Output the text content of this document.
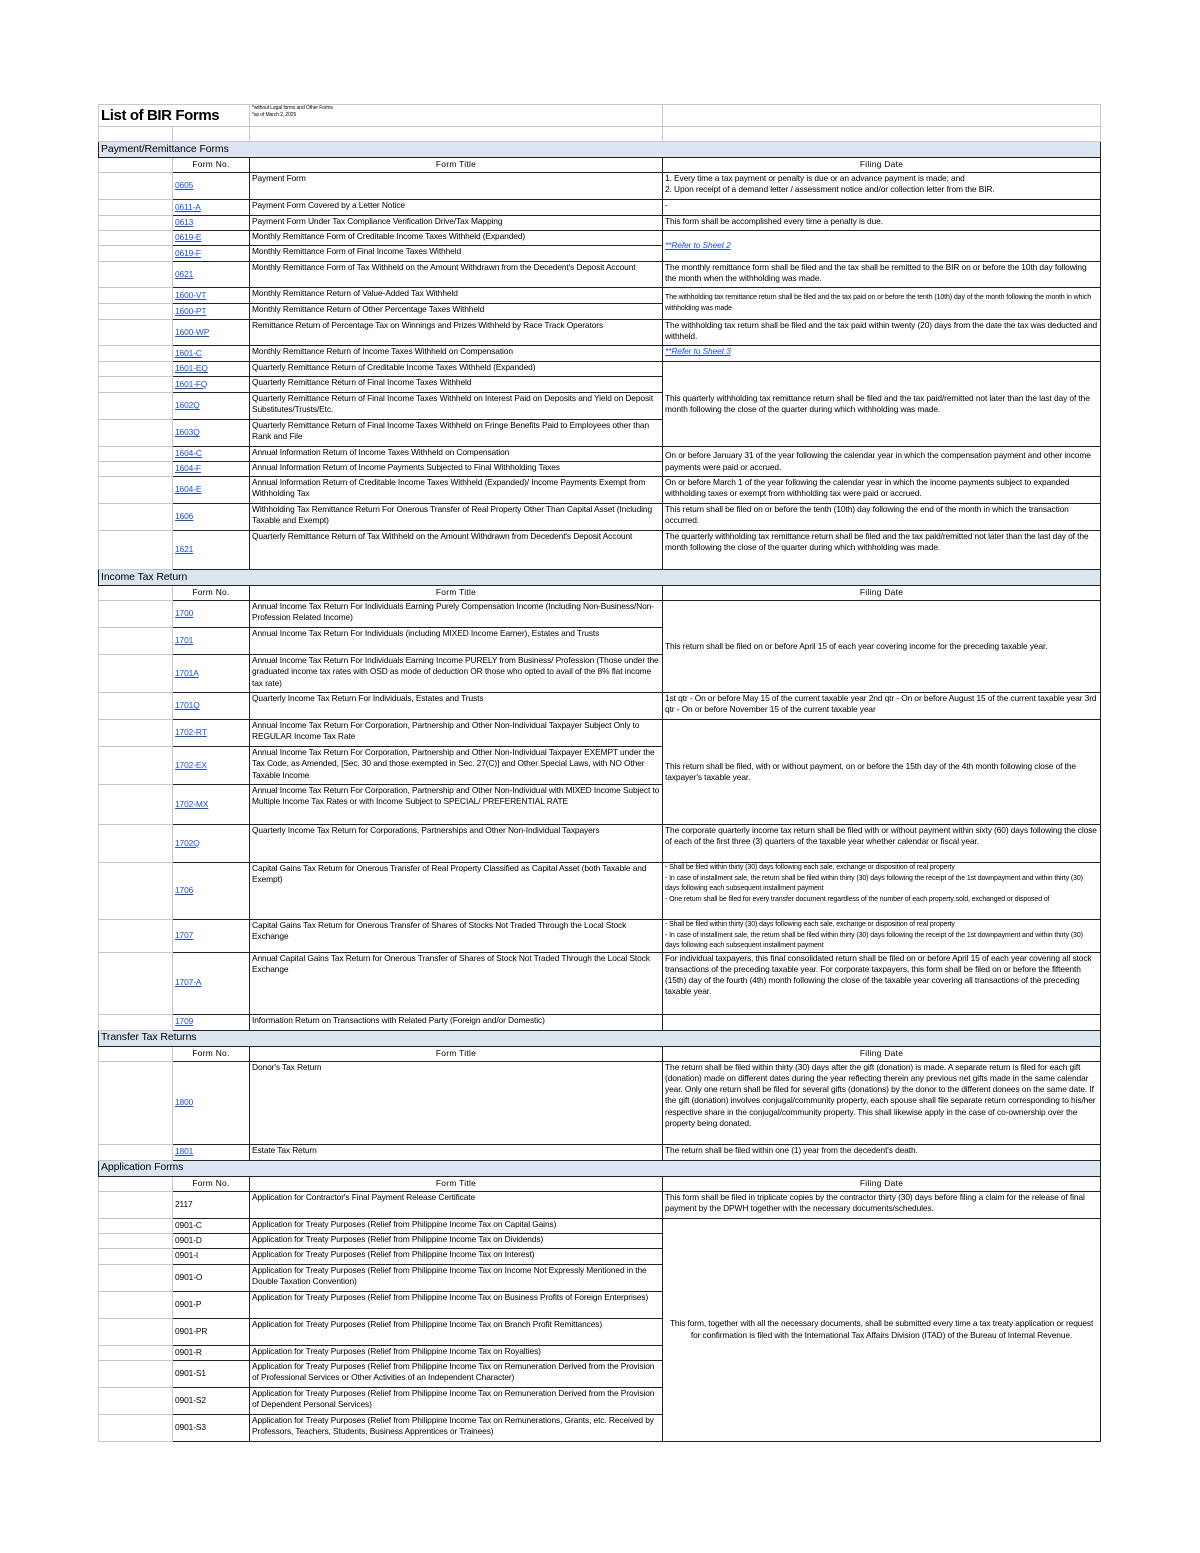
List of BIR Forms		*without Legal forms and Other Forms
*as of March 2, 2025	

Payment/Remittance Forms			
	Form No.	Form Title	Filing Date
	0605	Payment Form	1. Every time a tax payment or penalty is due or an advance payment is made; and
2. Upon receipt of a demand letter / assessment notice and/or collection letter from the BIR.
	0611-A	Payment Form Covered by a Letter Notice	-
	0613	Payment Form Under Tax Compliance Verification Drive/Tax Mapping	This form shall be accomplished every time a penalty is due.
	0619-E	Monthly Remittance Form of Creditable Income Taxes Withheld (Expanded)	**Refer to Sheet 2
	0619-F	Monthly Remittance Form of Final Income Taxes Withheld	
	0621	Monthly Remittance Form of Tax Withheld on the Amount Withdrawn from the Decedent's Deposit Account	The monthly remittance form shall be filed and the tax shall be remitted to the BIR on or before the 10th day following the month when the withholding was made.
	1600-VT	Monthly Remittance Return of Value-Added Tax Withheld	The withholding tax remittance return shall be filed and the tax paid on or before the tenth (10th) day of the month following the month in which withholding was made
	1600-PT	Monthly Remittance Return of Other Percentage Taxes Withheld	
	1600-WP	Remittance Return of Percentage Tax on Winnings and Prizes Withheld by Race Track Operators	The withholding tax return shall be filed and the tax paid within twenty (20) days from the date the tax was deducted and withheld.
	1601-C	Monthly Remittance Return of Income Taxes Withheld on Compensation	**Refer to Sheet 3
	1601-EQ	Quarterly Remittance Return of Creditable Income Taxes Withheld (Expanded)	This quarterly withholding tax remittance return shall be filed and the tax paid/remitted not later than the last day of the month following the close of the quarter during which withholding was made.
	1601-FQ	Quarterly Remittance Return of Final Income Taxes Withheld	
	1602Q	Quarterly Remittance Return of Final Income Taxes Withheld on Interest Paid on Deposits and Yield on Deposit Substitutes/Trusts/Etc.	
	1603Q	Quarterly Remittance Return of Final Income Taxes Withheld on Fringe Benefits Paid to Employees other than Rank and File	
	1604-C	Annual Information Return of Income Taxes Withheld on Compensation	On or before January 31 of the year following the calendar year in which the compensation payment and other income payments were paid or accrued.
	1604-F	Annual Information Return of Income Payments Subjected to Final Withholding Taxes	
	1604-E	Annual Information Return of Creditable Income Taxes Withheld (Expanded)/ Income Payments Exempt from Withholding Tax	On or before March 1 of the year following the calendar year in which the income payments subject to expanded withholding taxes or exempt from withholding tax were paid or accrued.
	1606	Withholding Tax Remittance Return For Onerous Transfer of Real Property Other Than Capital Asset (Including Taxable and Exempt)	This return shall be filed on or before the tenth (10th) day following the end of the month in which the transaction occurred.
	1621	Quarterly Remittance Return of Tax Withheld on the Amount Withdrawn from Decedent's Deposit Account	The quarterly withholding tax remittance return shall be filed and the tax paid/remitted not later than the last day of the month following the close of the quarter during which withholding was made.
Income Tax Return			
	Form No.	Form Title	Filing Date
	1700	Annual Income Tax Return For Individuals Earning Purely Compensation Income (Including Non-Business/Non-Profession Related Income)	This return shall be filed on or before April 15 of each year covering income for the preceding taxable year.
	1701	Annual Income Tax Return For Individuals (including MIXED Income Earner), Estates and Trusts	
	1701A	Annual Income Tax Return For Individuals Earning Income PURELY from Business/ Profession (Those under the graduated income tax rates with OSD as mode of deduction OR those who opted to avail of the 8% flat income tax rate)	
	1701Q	Quarterly Income Tax Return For Individuals, Estates and Trusts	1st qtr - On or before May 15 of the current taxable year 2nd qtr - On or before August 15 of the current taxable year 3rd qtr - On or before November 15 of the current taxable year
	1702-RT	Annual Income Tax Return For Corporation, Partnership and Other Non-Individual Taxpayer Subject Only to REGULAR Income Tax Rate	This return shall be filed, with or without payment, on or before the 15th day of the 4th month following close of the taxpayer's taxable year.
	1702-EX	Annual Income Tax Return For Corporation, Partnership and Other Non-Individual Taxpayer EXEMPT under the Tax Code, as Amended, [Sec. 30 and those exempted in Sec. 27(C)] and Other Special Laws, with NO Other Taxable Income	
	1702-MX	Annual Income Tax Return For Corporation, Partnership and Other Non-Individual with MIXED Income Subject to Multiple Income Tax Rates or with Income Subject to SPECIAL/ PREFERENTIAL RATE	
	1702Q	Quarterly Income Tax Return for Corporations, Partnerships and Other Non-Individual Taxpayers	The corporate quarterly income tax return shall be filed with or without payment within sixty (60) days following the close of each of the first three (3) quarters of the taxable year whether calendar or fiscal year.
	1706	Capital Gains Tax Return for Onerous Transfer of Real Property Classified as Capital Asset (both Taxable and Exempt)	- Shall be filed within thirty (30) days following each sale, exchange or disposition of real property
- In case of installment sale, the return shall be filed within thirty (30) days following the receipt of the 1st downpayment and within thirty (30) days following each subsequent installment payment
- One return shall be filed for every transfer document regardless of the number of each property sold, exchanged or disposed of
	1707	Capital Gains Tax Return for Onerous Transfer of Shares of Stocks Not Traded Through the Local Stock Exchange	- Shall be filed within thirty (30) days following each sale, exchange or disposition of real property
- In case of installment sale, the return shall be filed within thirty (30) days following the receipt of the 1st downpayment and within thirty (30) days following each subsequent installment payment
	1707-A	Annual Capital Gains Tax Return for Onerous Transfer of Shares of Stock Not Traded Through the Local Stock Exchange	For individual taxpayers, this final consolidated return shall be filed on or before April 15 of each year covering all stock transactions of the preceding taxable year. For corporate taxpayers, this form shall be filed on or before the fifteenth (15th) day of the fourth (4th) month following the close of the taxable year covering all transactions of the preceding taxable year.
	1709	Information Return on Transactions with Related Party (Foreign and/or Domestic)	
Transfer Tax Returns			
	Form No.	Form Title	Filing Date
	1800	Donor's Tax Return	The return shall be filed within thirty (30) days after the gift (donation) is made. A separate return is filed for each gift (donation) made on different dates during the year reflecting therein any previous net gifts made in the same calendar year. Only one return shall be filed for several gifts (donations) by the donor to the different donees on the same date. If the gift (donation) involves conjugal/community property, each spouse shall file separate return corresponding to his/her respective share in the conjugal/community property. This shall likewise apply in the case of co-ownership over the property being donated.
	1801	Estate Tax Return	The return shall be filed within one (1) year from the decedent's death.
Application Forms			
	Form No.	Form Title	Filing Date
	2117	Application for Contractor's Final Payment Release Certificate	This form shall be filed in triplicate copies by the contractor thirty (30) days before filing a claim for the release of final payment by the DPWH together with the necessary documents/schedules.
	0901-C	Application for Treaty Purposes (Relief from Philippine Income Tax on Capital Gains)	This form, together with all the necessary documents, shall be submitted every time a tax treaty application or request for confirmation is filed with the International Tax Affairs Division (ITAD) of the Bureau of Internal Revenue.
	0901-D	Application for Treaty Purposes (Relief from Philippine Income Tax on Dividends)	
	0901-I	Application for Treaty Purposes (Relief from Philippine Income Tax on Interest)	
	0901-O	Application for Treaty Purposes (Relief from Philippine Income Tax on Income Not Expressly Mentioned in the Double Taxation Convention)	
	0901-P	Application for Treaty Purposes (Relief from Philippine Income Tax on Business Profits of Foreign Enterprises)	
	0901-PR	Application for Treaty Purposes (Relief from Philippine Income Tax on Branch Profit Remittances)	
	0901-R	Application for Treaty Purposes (Relief from Philippine Income Tax on Royalties)	
	0901-S1	Application for Treaty Purposes (Relief from Philippine Income Tax on Remuneration Derived from the Provision of Professional Services or Other Activities of an Independent Character)	
	0901-S2	Application for Treaty Purposes (Relief from Philippine Income Tax on Remuneration Derived from the Provision of Dependent Personal Services)	
	0901-S3	Application for Treaty Purposes (Relief from Philippine Income Tax on Remunerations, Grants, etc. Received by Professors, Teachers, Students, Business Apprentices or Trainees)	
